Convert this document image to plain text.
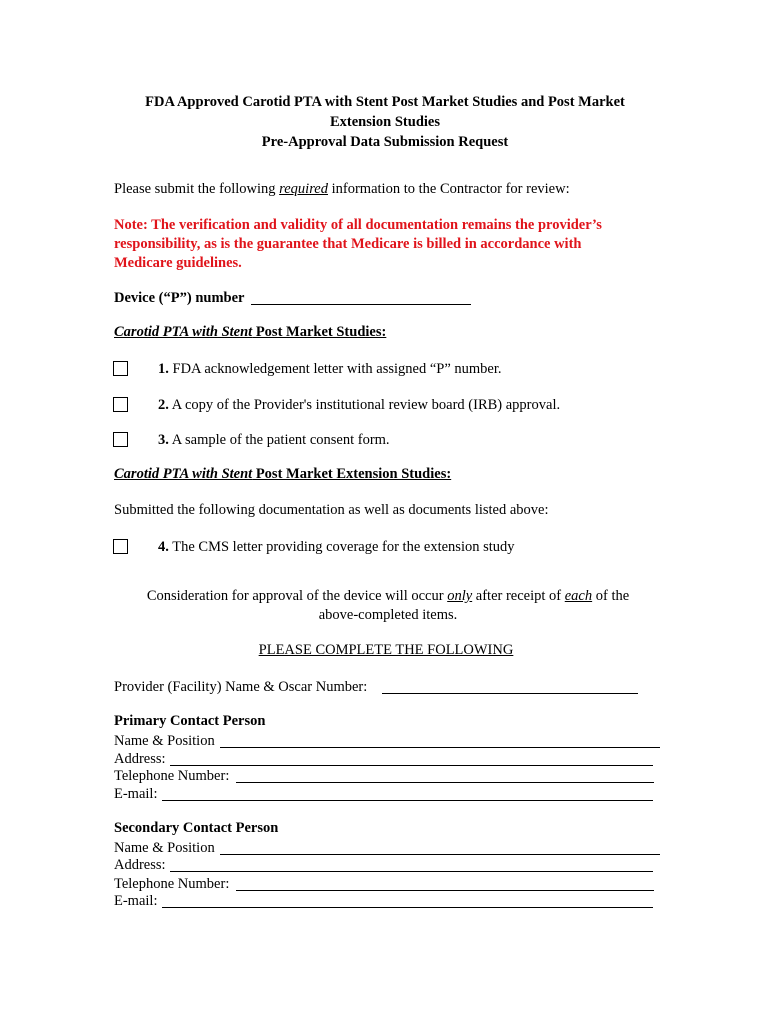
FDA Approved Carotid PTA with Stent Post Market Studies and Post Market
Extension Studies
Pre-Approval Data Submission Request
Please submit the following required information to the Contractor for review:
Note: The verification and validity of all documentation remains the provider’s
responsibility, as is the guarantee that Medicare is billed in accordance with
Medicare guidelines.
Device (“P”) number
Carotid PTA with Stent Post Market Studies:
1. FDA acknowledgement letter with assigned “P” number.
2. A copy of the Provider's institutional review board (IRB) approval.
3. A sample of the patient consent form.
Carotid PTA with Stent Post Market Extension Studies:
Submitted the following documentation as well as documents listed above:
4. The CMS letter providing coverage for the extension study
Consideration for approval of the device will occur only after receipt of each of the
above-completed items.
PLEASE COMPLETE THE FOLLOWING
Provider (Facility) Name & Oscar Number:
Primary Contact Person
Name & Position
Address:
Telephone Number:
E-mail:
Secondary Contact Person
Name & Position
Address:
Telephone Number:
E-mail:
